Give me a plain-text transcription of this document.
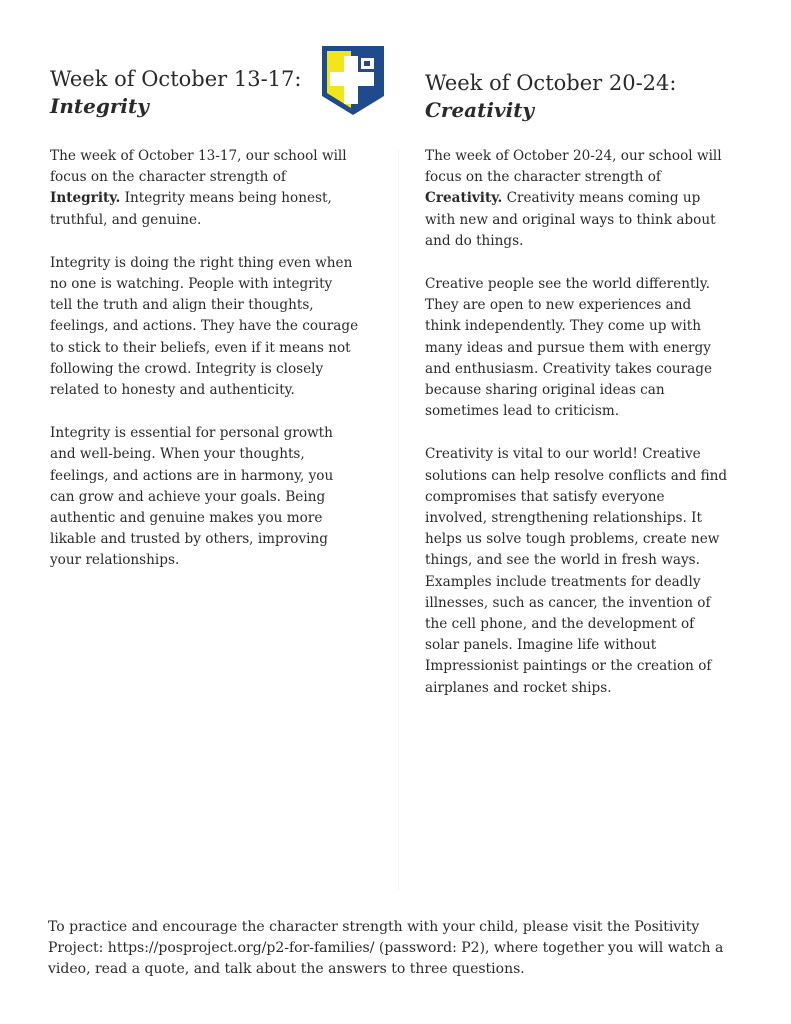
Week of October 13-17:
Integrity
The week of October 13-17, our school will
focus on the character strength of
Integrity. Integrity means being honest,
truthful, and genuine.
Integrity is doing the right thing even when
no one is watching. People with integrity
tell the truth and align their thoughts,
feelings, and actions. They have the courage
to stick to their beliefs, even if it means not
following the crowd. Integrity is closely
related to honesty and authenticity.
Integrity is essential for personal growth
and well-being. When your thoughts,
feelings, and actions are in harmony, you
can grow and achieve your goals. Being
authentic and genuine makes you more
likable and trusted by others, improving
your relationships.
Week of October 20-24:
Creativity
The week of October 20-24, our school will
focus on the character strength of
Creativity. Creativity means coming up
with new and original ways to think about
and do things.
Creative people see the world differently.
They are open to new experiences and
think independently. They come up with
many ideas and pursue them with energy
and enthusiasm. Creativity takes courage
because sharing original ideas can
sometimes lead to criticism.
Creativity is vital to our world! Creative
solutions can help resolve conflicts and find
compromises that satisfy everyone
involved, strengthening relationships. It
helps us solve tough problems, create new
things, and see the world in fresh ways.
Examples include treatments for deadly
illnesses, such as cancer, the invention of
the cell phone, and the development of
solar panels. Imagine life without
Impressionist paintings or the creation of
airplanes and rocket ships.
To practice and encourage the character strength with your child, please visit the Positivity
Project: https://posproject.org/p2-for-families/ (password: P2), where together you will watch a
video, read a quote, and talk about the answers to three questions.
